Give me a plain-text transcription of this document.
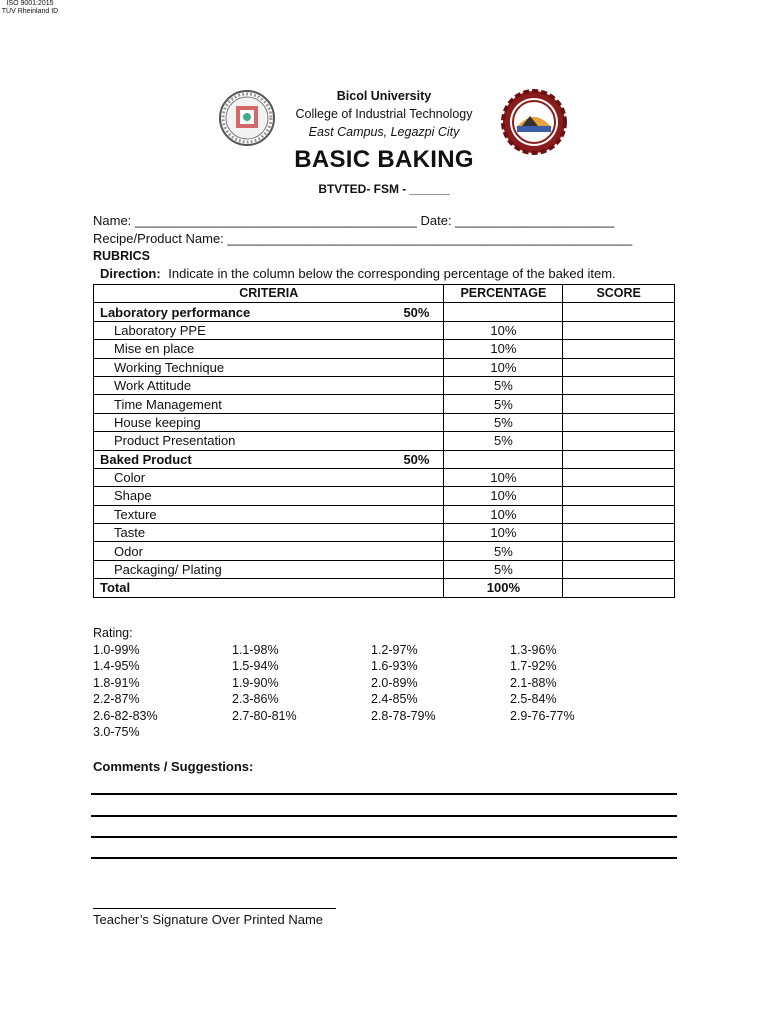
ISO 9001:2015
TÜV Rheinland ID
Bicol University
College of Industrial Technology
East Campus, Legazpi City
BASIC BAKING
BTVTED- FSM - ______
Name: _______________________________________ Date: ______________________
Recipe/Product Name: ________________________________________________________
RUBRICS
Direction: Indicate in the column below the corresponding percentage of the baked item.
CRITERIA	PERCENTAGE	SCORE
Laboratory performance 50%		

Laboratory PPE	10%	
Mise en place	10%	
Working Technique	10%	
Work Attitude	5%	
Time Management	5%	
House keeping	5%	
Product Presentation	5%	
Baked Product 50%		

Color	10%	
Shape	10%	
Texture	10%	
Taste	10%	
Odor	5%	
Packaging/ Plating	5%	
Total	100%	
Rating:
1.0-99%	1.1-98%	1.2-97%	1.3-96%
1.4-95%	1.5-94%	1.6-93%	1.7-92%
1.8-91%	1.9-90%	2.0-89%	2.1-88%
2.2-87%	2.3-86%	2.4-85%	2.5-84%
2.6-82-83%	2.7-80-81%	2.8-78-79%	2.9-76-77%
3.0-75%
Comments / Suggestions:
Teacher’s Signature Over Printed Name
